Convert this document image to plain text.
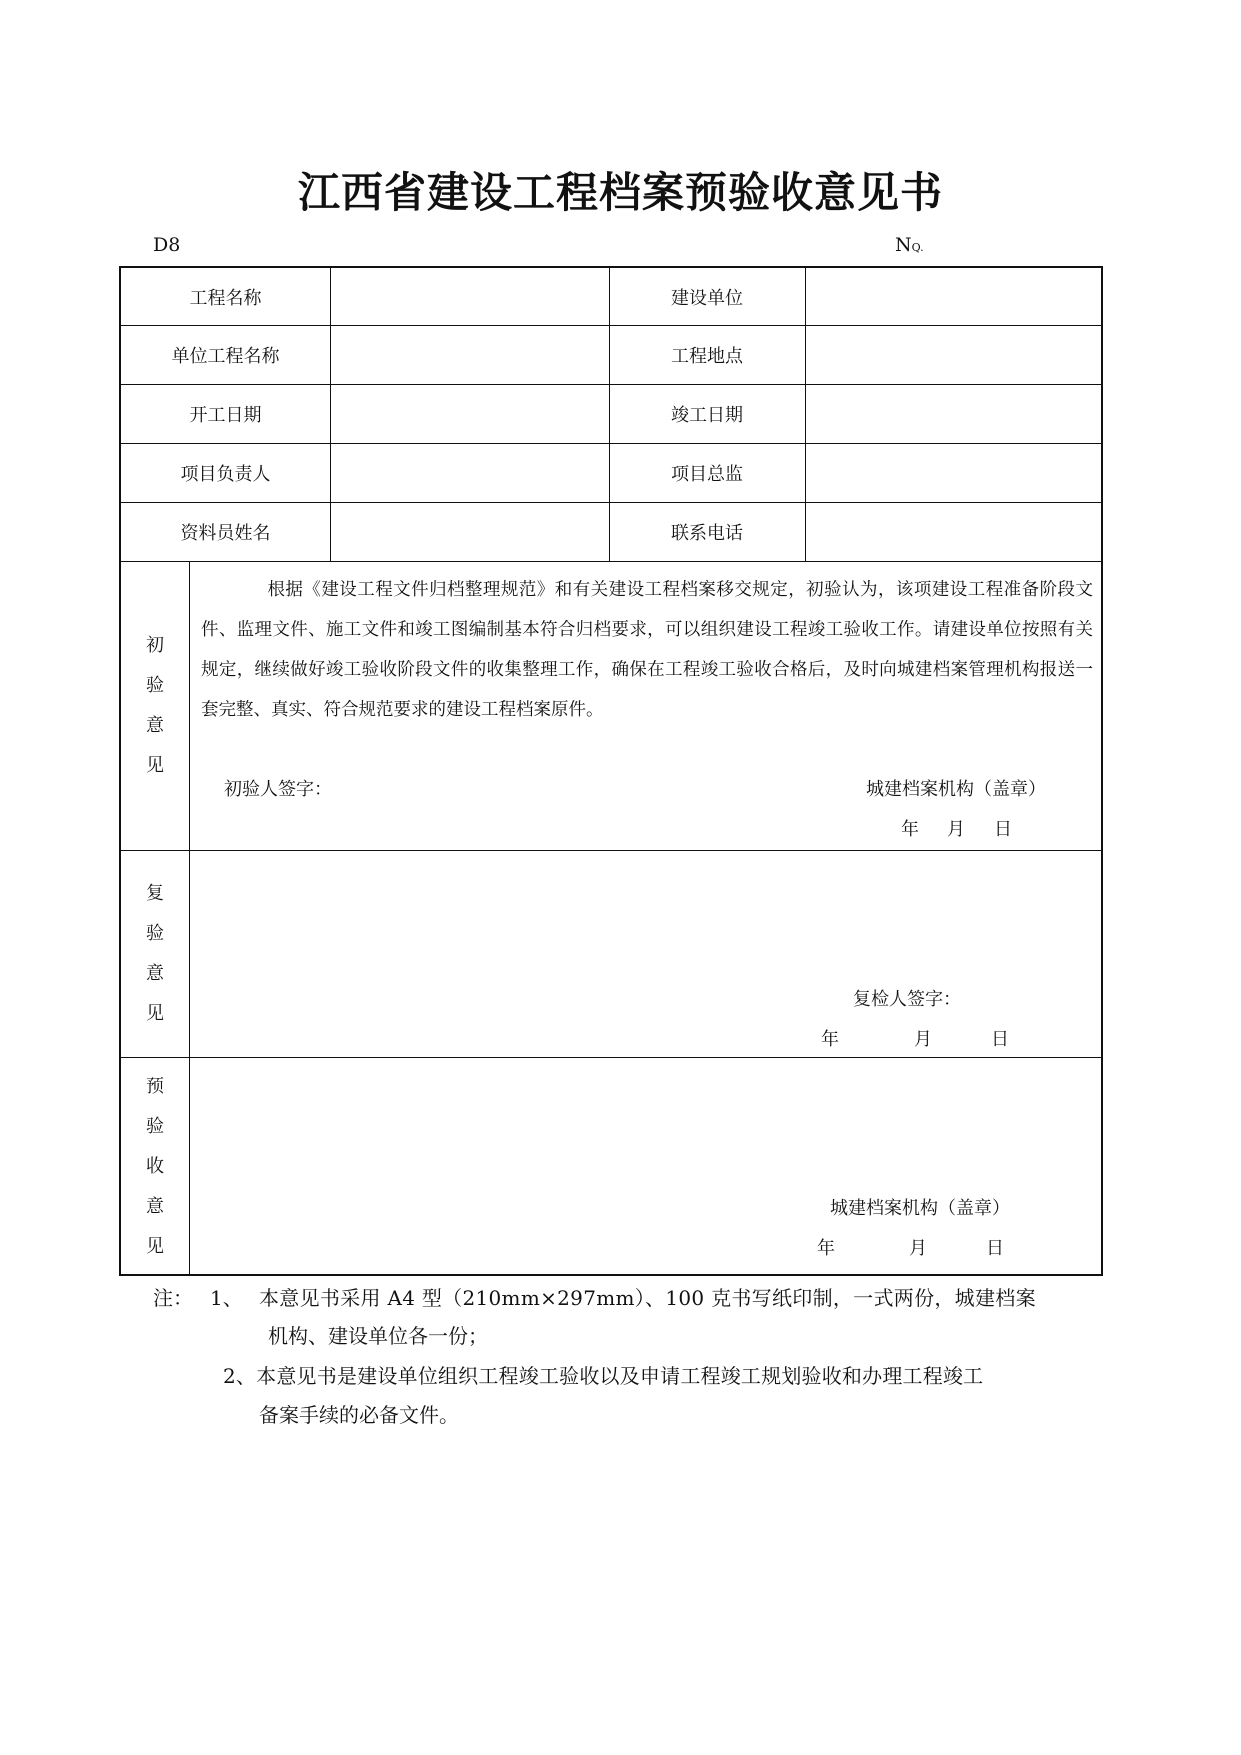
江西省建设工程档案预验收意见书
D8	NQ.
工程名称	建设单位
单位工程名称	工程地点
开工日期	竣工日期
项目负责人	项目总监
资料员姓名	联系电话
初
验
意
见
根据《建设工程文件归档整理规范》和有关建设工程档案移交规定，初验认为，该项建设工程准备阶段文件、监理文件、施工文件和竣工图编制基本符合归档要求，可以组织建设工程竣工验收工作。请建设单位按照有关规定，继续做好竣工验收阶段文件的收集整理工作，确保在工程竣工验收合格后，及时向城建档案管理机构报送一套完整、真实、符合规范要求的建设工程档案原件。
初验人签字：	城建档案机构（盖章）
年 月 日
复
验
意
见
复检人签字：
年	月	日
预
验
收
意
见
城建档案机构（盖章）
年	月	日
注： 1、 本意见书采用 A4 型（210mm×297mm）、100 克书写纸印制，一式两份，城建档案
机构、建设单位各一份；
2、本意见书是建设单位组织工程竣工验收以及申请工程竣工规划验收和办理工程竣工
备案手续的必备文件。
